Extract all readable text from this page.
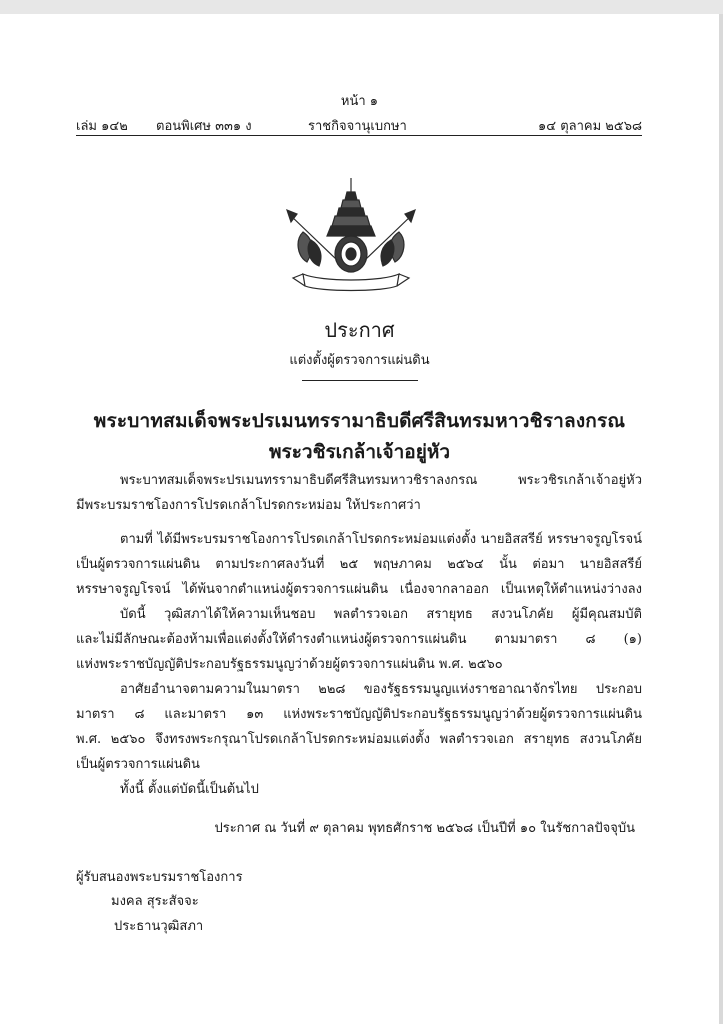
หน้า ๑
เล่ม ๑๔๒ ตอนพิเศษ ๓๓๑ ง	ราชกิจจานุเบกษา	๑๔ ตุลาคม ๒๕๖๘
ประกาศ
แต่งตั้งผู้ตรวจการแผ่นดิน
พระบาทสมเด็จพระปรเมนทรรามาธิบดีศรีสินทรมหาวชิราลงกรณ
พระวชิรเกล้าเจ้าอยู่หัว
พระบาทสมเด็จพระปรเมนทรรามาธิบดีศรีสินทรมหาวชิราลงกรณ พระวชิรเกล้าเจ้าอยู่หัว
มีพระบรมราชโองการโปรดเกล้าโปรดกระหม่อม ให้ประกาศว่า
ตามที่ ได้มีพระบรมราชโองการโปรดเกล้าโปรดกระหม่อมแต่งตั้ง นายอิสสรีย์ หรรษาจรูญโรจน์
เป็นผู้ตรวจการแผ่นดิน ตามประกาศลงวันที่ ๒๕ พฤษภาคม ๒๕๖๔ นั้น ต่อมา นายอิสสรีย์
หรรษาจรูญโรจน์ ได้พ้นจากตำแหน่งผู้ตรวจการแผ่นดิน เนื่องจากลาออก เป็นเหตุให้ตำแหน่งว่างลง
บัดนี้ วุฒิสภาได้ให้ความเห็นชอบ พลตำรวจเอก สรายุทธ สงวนโภคัย ผู้มีคุณสมบัติ
และไม่มีลักษณะต้องห้ามเพื่อแต่งตั้งให้ดำรงตำแหน่งผู้ตรวจการแผ่นดิน ตามมาตรา ๘ (๑)
แห่งพระราชบัญญัติประกอบรัฐธรรมนูญว่าด้วยผู้ตรวจการแผ่นดิน พ.ศ. ๒๕๖๐
อาศัยอำนาจตามความในมาตรา ๒๒๘ ของรัฐธรรมนูญแห่งราชอาณาจักรไทย ประกอบ
มาตรา ๘ และมาตรา ๑๓ แห่งพระราชบัญญัติประกอบรัฐธรรมนูญว่าด้วยผู้ตรวจการแผ่นดิน
พ.ศ. ๒๕๖๐ จึงทรงพระกรุณาโปรดเกล้าโปรดกระหม่อมแต่งตั้ง พลตำรวจเอก สรายุทธ สงวนโภคัย
เป็นผู้ตรวจการแผ่นดิน
ทั้งนี้ ตั้งแต่บัดนี้เป็นต้นไป
ประกาศ ณ วันที่ ๙ ตุลาคม พุทธศักราช ๒๕๖๘ เป็นปีที่ ๑๐ ในรัชกาลปัจจุบัน
ผู้รับสนองพระบรมราชโองการ
มงคล สุระสัจจะ
ประธานวุฒิสภา
